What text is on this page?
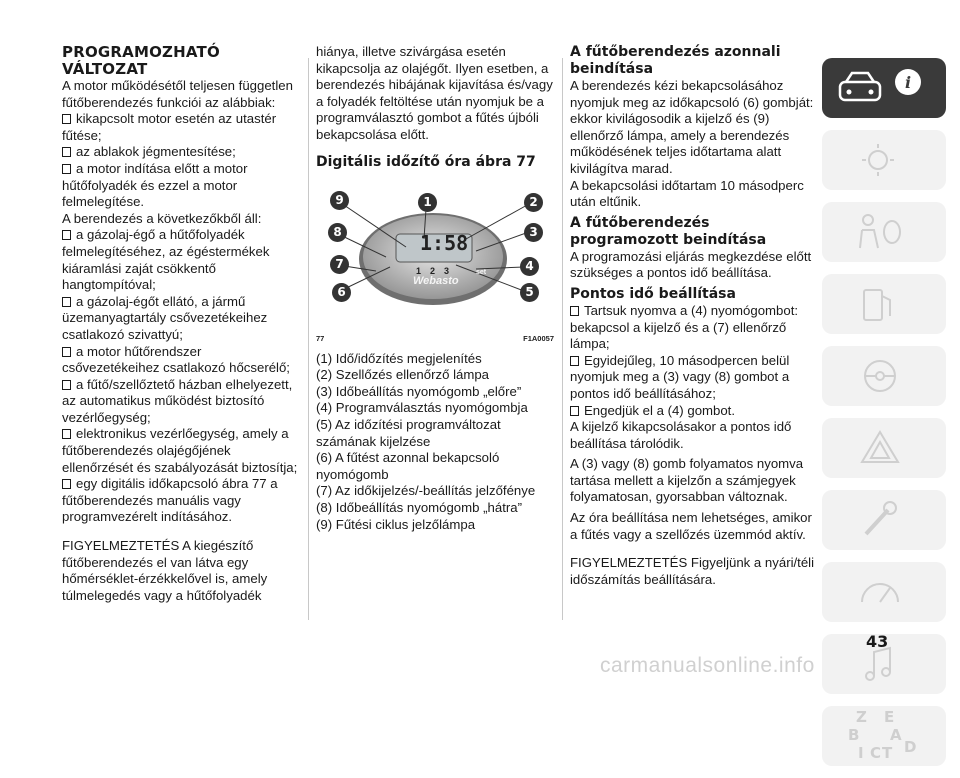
PROGRAMOZHATÓ VÁLTOZAT

A motor működésétől teljesen független fűtőberendezés funkciói az alábbiak:

kikapcsolt motor esetén az utastér fűtése;

az ablakok jégmentesítése;

a motor indítása előtt a motor hűtőfolyadék és ezzel a motor felmelegítése.

A berendezés a következőkből áll:

a gázolaj-égő a hűtőfolyadék felmelegítéséhez, az égéstermékek kiáramlási zaját csökkentő hangtompítóval;

a gázolaj-égőt ellátó, a jármű üzemanyagtartály csővezetékeihez csatlakozó szivattyú;

a motor hűtőrendszer csővezetékeihez csatlakozó hőcserélő;

a fűtő/szellőztető házban elhelyezett, az automatikus működést biztosító vezérlőegység;

elektronikus vezérlőegység, amely a fűtőberendezés olajégőjének ellenőrzését és szabályozását biztosítja;

egy digitális időkapcsoló ábra 77 a fűtőberendezés manuális vagy programvezérelt indításához.

FIGYELMEZTETÉS A kiegészítő fűtőberendezés el van látva egy hőmérséklet-érzékkelővel is, amely túlmelegedés vagy a hűtőfolyadék

hiánya, illetve szivárgása esetén kikapcsolja az olajégőt. Ilyen esetben, a berendezés hibájának kijavítása és/vagy a folyadék feltöltése után nyomjuk be a programválasztó gombot a fűtés újbóli bekapcsolása előtt.

Digitális időzítő óra ábra 77
1:58
1 2 3
Webasto
set
9	1	2
8	3
7	4
6	5
77	F1A0057

(1) Idő/időzítés megjelenítés

(2) Szellőzés ellenőrző lámpa

(3) Időbeállítás nyomógomb „előre”

(4) Programválasztás nyomógombja

(5) Az időzítési programváltozat számának kijelzése

(6) A fűtést azonnal bekapcsoló nyomógomb

(7) Az időkijelzés/-beállítás jelzőfénye

(8) Időbeállítás nyomógomb „hátra”

(9) Fűtési ciklus jelzőlámpa

A fűtőberendezés azonnali beindítása

A berendezés kézi bekapcsolásához nyomjuk meg az időkapcsoló (6) gombját: ekkor kivilágosodik a kijelző és (9) ellenőrző lámpa, amely a berendezés működésének teljes időtartama alatt kivilágítva marad.

A bekapcsolási időtartam 10 másodperc után eltűnik.

A fűtőberendezés programozott beindítása

A programozási eljárás megkezdése előtt szükséges a pontos idő beállítása.

Pontos idő beállítása

Tartsuk nyomva a (4) nyomógombot: bekapcsol a kijelző és a (7) ellenőrző lámpa;

Egyidejűleg, 10 másodpercen belül nyomjuk meg a (3) vagy (8) gombot a pontos idő beállításához;

Engedjük el a (4) gombot.

A kijelző kikapcsolásakor a pontos idő beállítása tárolódik.

A (3) vagy (8) gomb folyamatos nyomva tartása mellett a kijelzőn a számjegyek folyamatosan, gyorsabban változnak.

Az óra beállítása nem lehetséges, amikor a fűtés vagy a szellőzés üzemmód aktív.

FIGYELMEZTETÉS Figyeljünk a nyári/téli időszámítás beállítására.

i
Z E
B A
I C T D
43
carmanualsonline.info
